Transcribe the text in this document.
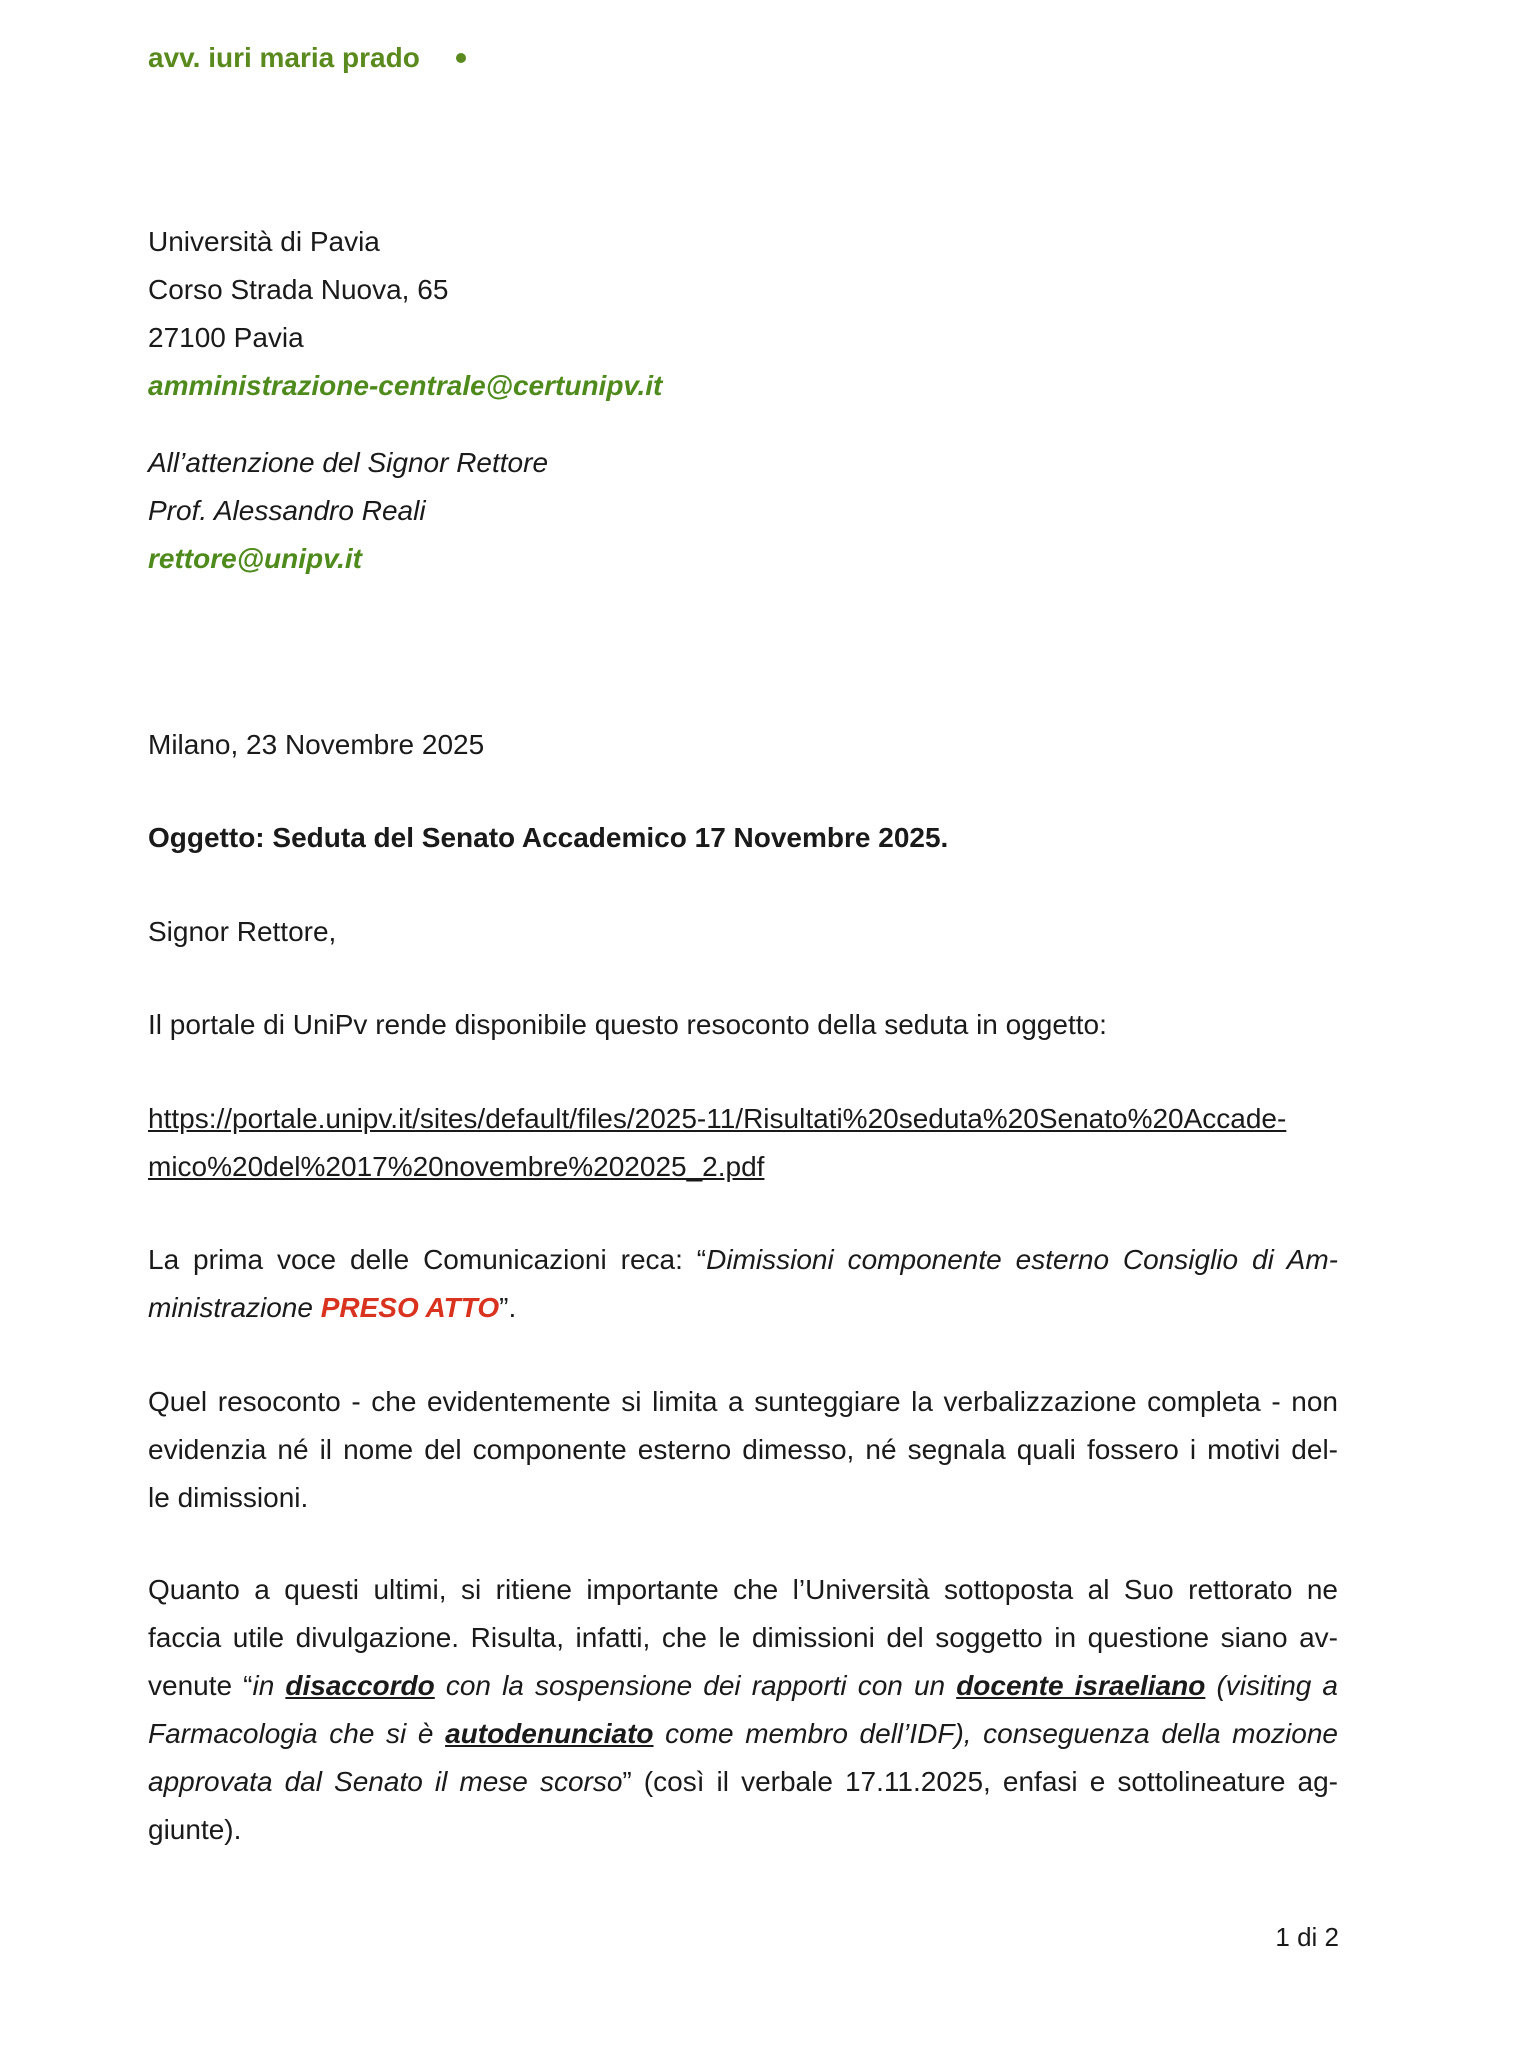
avv. iuri maria prado
Università di Pavia
Corso Strada Nuova, 65
27100 Pavia
amministrazione-centrale@certunipv.it
All’attenzione del Signor Rettore
Prof. Alessandro Reali
rettore@unipv.it
Milano, 23 Novembre 2025
Oggetto: Seduta del Senato Accademico 17 Novembre 2025.
Signor Rettore,
Il portale di UniPv rende disponibile questo resoconto della seduta in oggetto:
https://portale.unipv.it/sites/default/files/2025-11/Risultati%20seduta%20Senato%20Accade-
mico%20del%2017%20novembre%202025_2.pdf
La prima voce delle Comunicazioni reca: “Dimissioni componente esterno Consiglio di Am-
ministrazione PRESO ATTO”.
Quel resoconto - che evidentemente si limita a sunteggiare la verbalizzazione completa - non
evidenzia né il nome del componente esterno dimesso, né segnala quali fossero i motivi del-
le dimissioni.
Quanto a questi ultimi, si ritiene importante che l’Università sottoposta al Suo rettorato ne
faccia utile divulgazione. Risulta, infatti, che le dimissioni del soggetto in questione siano av-
venute “in disaccordo con la sospensione dei rapporti con un docente israeliano (visiting a
Farmacologia che si è autodenunciato come membro dell’IDF), conseguenza della mozione
approvata dal Senato il mese scorso” (così il verbale 17.11.2025, enfasi e sottolineature ag-
giunte).
1 di 2
